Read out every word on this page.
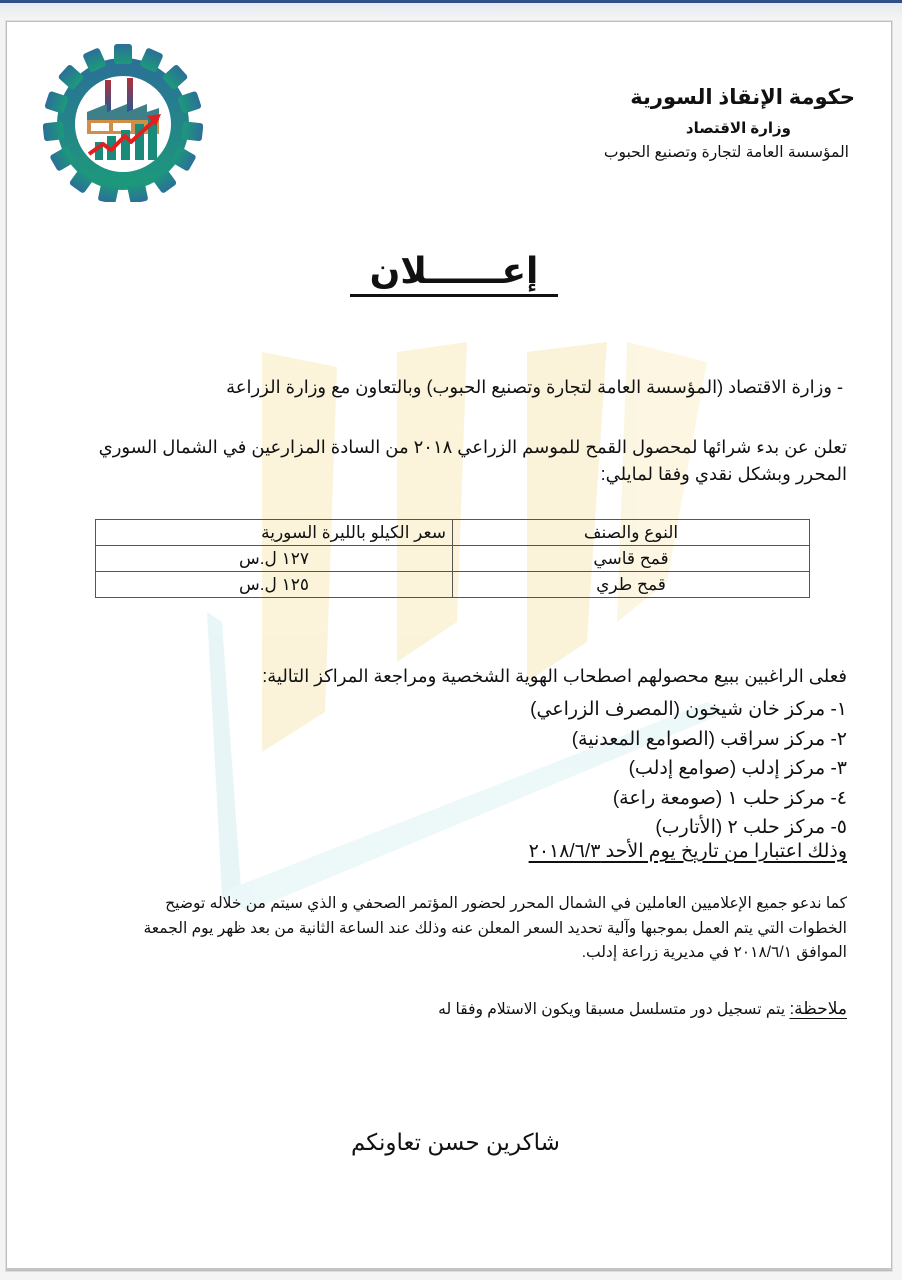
حكومة الإنقاذ السورية
وزارة الاقتصاد
المؤسسة العامة لتجارة وتصنيع الحبوب
إعــــــلان
- وزارة الاقتصاد (المؤسسة العامة لتجارة وتصنيع الحبوب) وبالتعاون مع وزارة الزراعة
تعلن عن بدء شرائها لمحصول القمح للموسم الزراعي ٢٠١٨ من السادة المزارعين في الشمال السوري المحرر وبشكل نقدي وفقا لمايلي:
النوع والصنف	سعر الكيلو بالليرة السورية
قمح قاسي	١٢٧ ل.س
قمح طري	١٢٥ ل.س
فعلى الراغبين ببيع محصولهم اصطحاب الهوية الشخصية ومراجعة المراكز التالية:
١- مركز خان شيخون (المصرف الزراعي)
٢- مركز سراقب (الصوامع المعدنية)
٣- مركز إدلب (صوامع إدلب)
٤- مركز حلب ١ (صومعة راعة)
٥- مركز حلب ٢ (الأتارب)
وذلك اعتبارا من تاريخ يوم الأحد ٢٠١٨/٦/٣
كما ندعو جميع الإعلاميين العاملين في الشمال المحرر لحضور المؤتمر الصحفي و الذي سيتم من خلاله توضيح الخطوات التي يتم العمل بموجبها وآلية تحديد السعر المعلن عنه وذلك عند الساعة الثانية من بعد ظهر يوم الجمعة الموافق ٢٠١٨/٦/١ في مديرية زراعة إدلب.
ملاحظة: يتم تسجيل دور متسلسل مسبقا ويكون الاستلام وفقا له
شاكرين حسن تعاونكم
